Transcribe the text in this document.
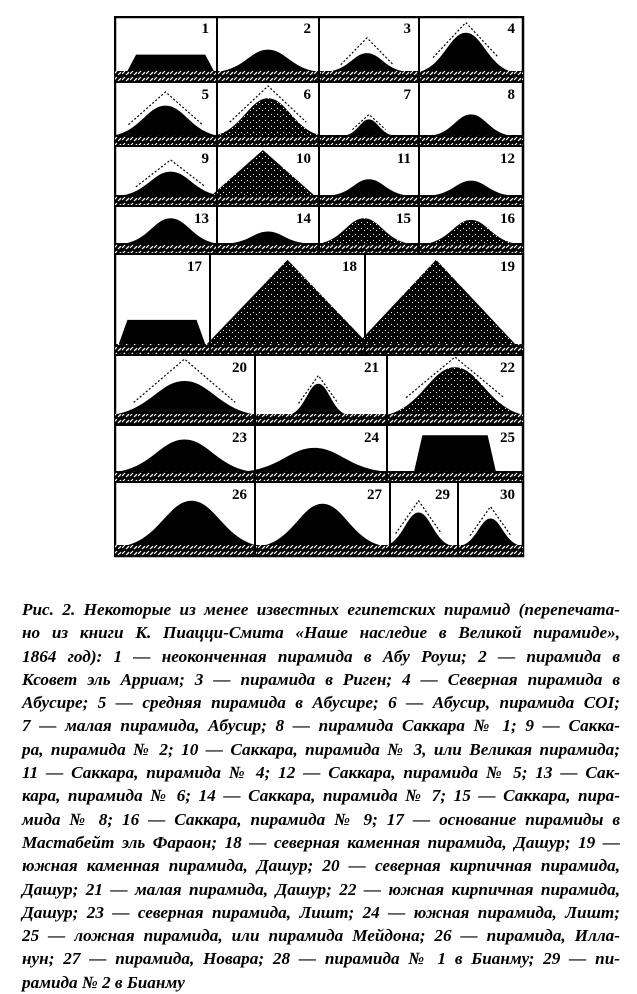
1	2	3	4
5	6	7	8
9	10	11	12
13	14	15	16
17	18	19
20	21	22
23	24	25
26	27	29	30
Рис. 2. Некоторые из менее известных египетских пирамид (перепечата-
но из книги К. Пиацци-Смита «Наше наследие в Великой пирамиде»,
1864 год): 1 — неоконченная пирамида в Абу Роуш; 2 — пирамида в
Ксовет эль Арриам; 3 — пирамида в Риген; 4 — Северная пирамида в
Абусире; 5 — средняя пирамида в Абусире; 6 — Абусир, пирамида COI;
7 — малая пирамида, Абусир; 8 — пирамида Саккара № 1; 9 — Сакка-
ра, пирамида № 2; 10 — Саккара, пирамида № 3, или Великая пирамида;
11 — Саккара, пирамида № 4; 12 — Саккара, пирамида № 5; 13 — Сак-
кара, пирамида № 6; 14 — Саккара, пирамида № 7; 15 — Саккара, пира-
мида № 8; 16 — Саккара, пирамида № 9; 17 — основание пирамиды в
Мастабейт эль Фараон; 18 — северная каменная пирамида, Дашур; 19 —
южная каменная пирамида, Дашур; 20 — северная кирпичная пирамида,
Дашур; 21 — малая пирамида, Дашур; 22 — южная кирпичная пирамида,
Дашур; 23 — северная пирамида, Лишт; 24 — южная пирамида, Лишт;
25 — ложная пирамида, или пирамида Мейдона; 26 — пирамида, Илла-
нун; 27 — пирамида, Новара; 28 — пирамида № 1 в Бианму; 29 — пи-
рамида № 2 в Бианму
